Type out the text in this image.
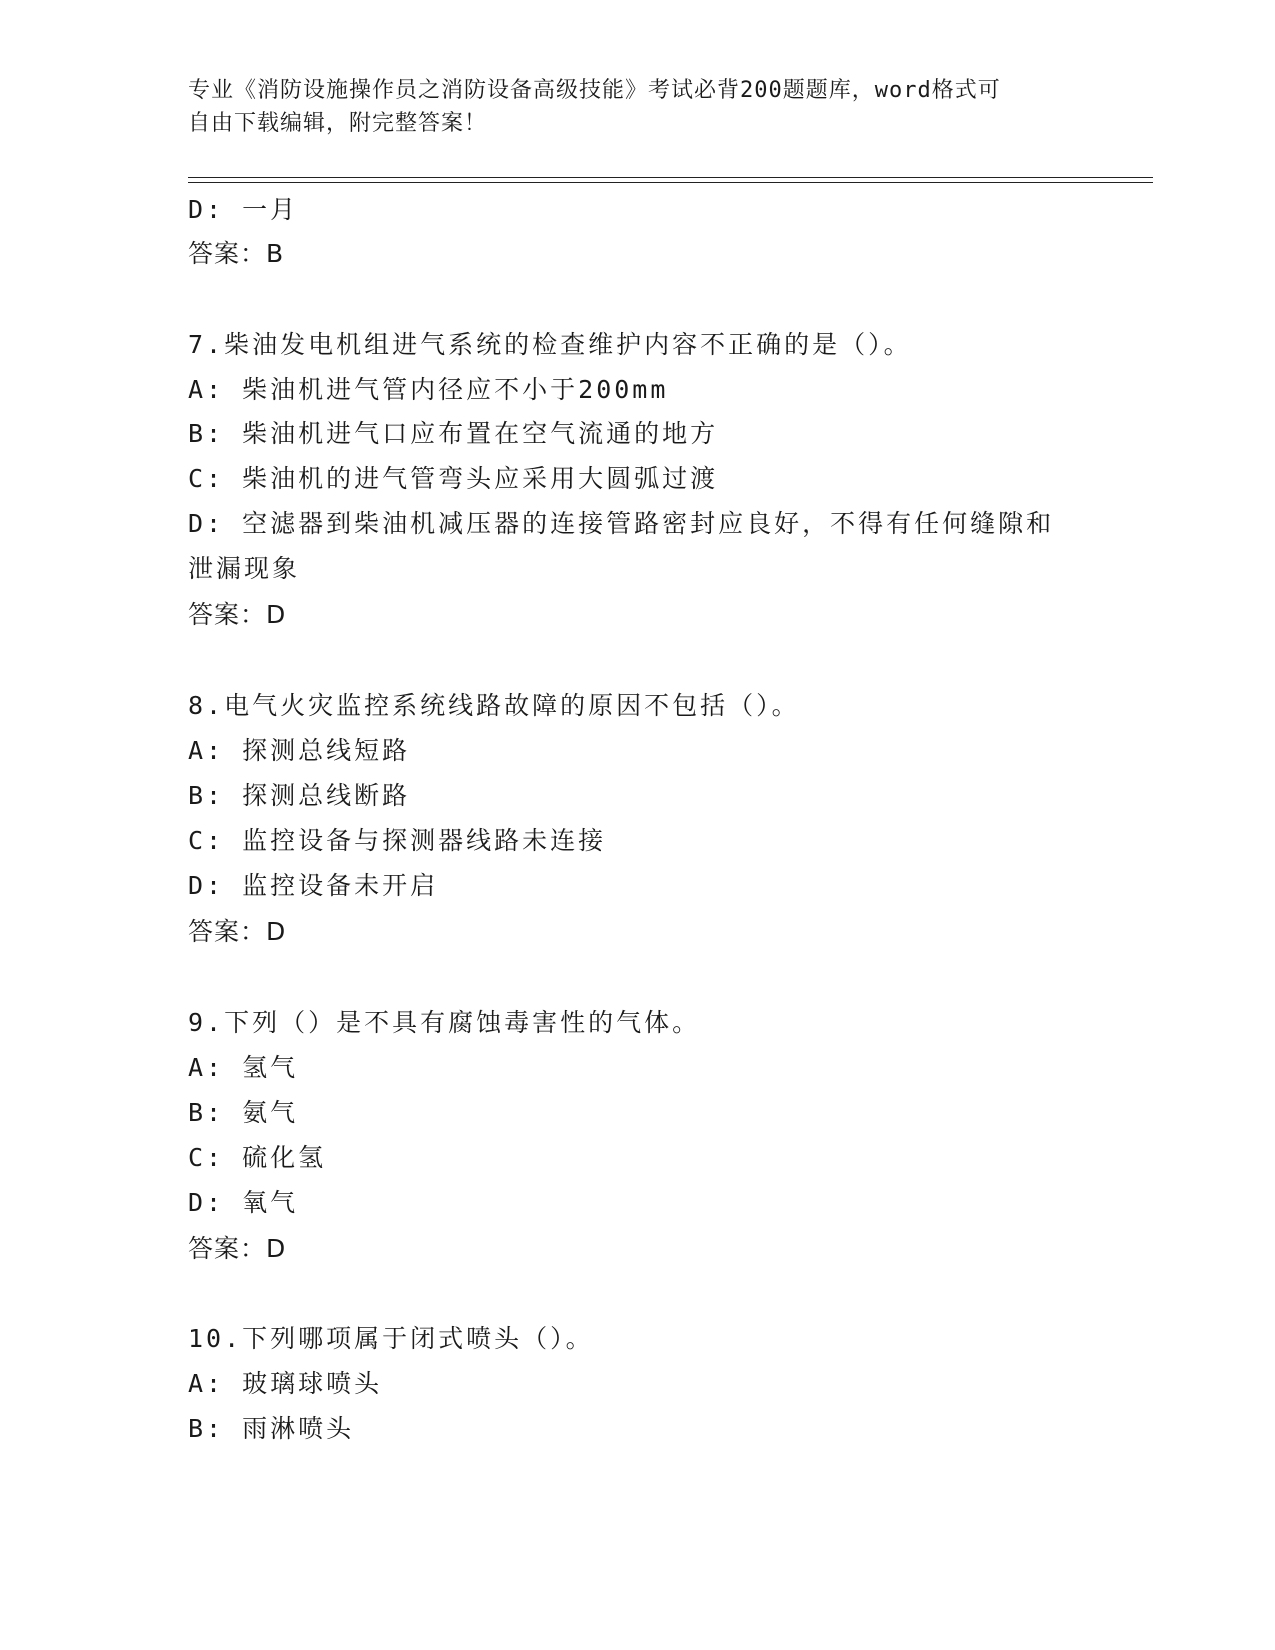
专业《消防设施操作员之消防设备高级技能》考试必背200题题库，word格式可
自由下载编辑，附完整答案！
D: 一月
答案：B
7.柴油发电机组进气系统的检查维护内容不正确的是（）。
A: 柴油机进气管内径应不小于200mm
B: 柴油机进气口应布置在空气流通的地方
C: 柴油机的进气管弯头应采用大圆弧过渡
D: 空滤器到柴油机减压器的连接管路密封应良好，不得有任何缝隙和
泄漏现象
答案：D
8.电气火灾监控系统线路故障的原因不包括（）。
A: 探测总线短路
B: 探测总线断路
C: 监控设备与探测器线路未连接
D: 监控设备未开启
答案：D
9.下列（）是不具有腐蚀毒害性的气体。
A: 氢气
B: 氨气
C: 硫化氢
D: 氧气
答案：D
10.下列哪项属于闭式喷头（）。
A: 玻璃球喷头
B: 雨淋喷头
